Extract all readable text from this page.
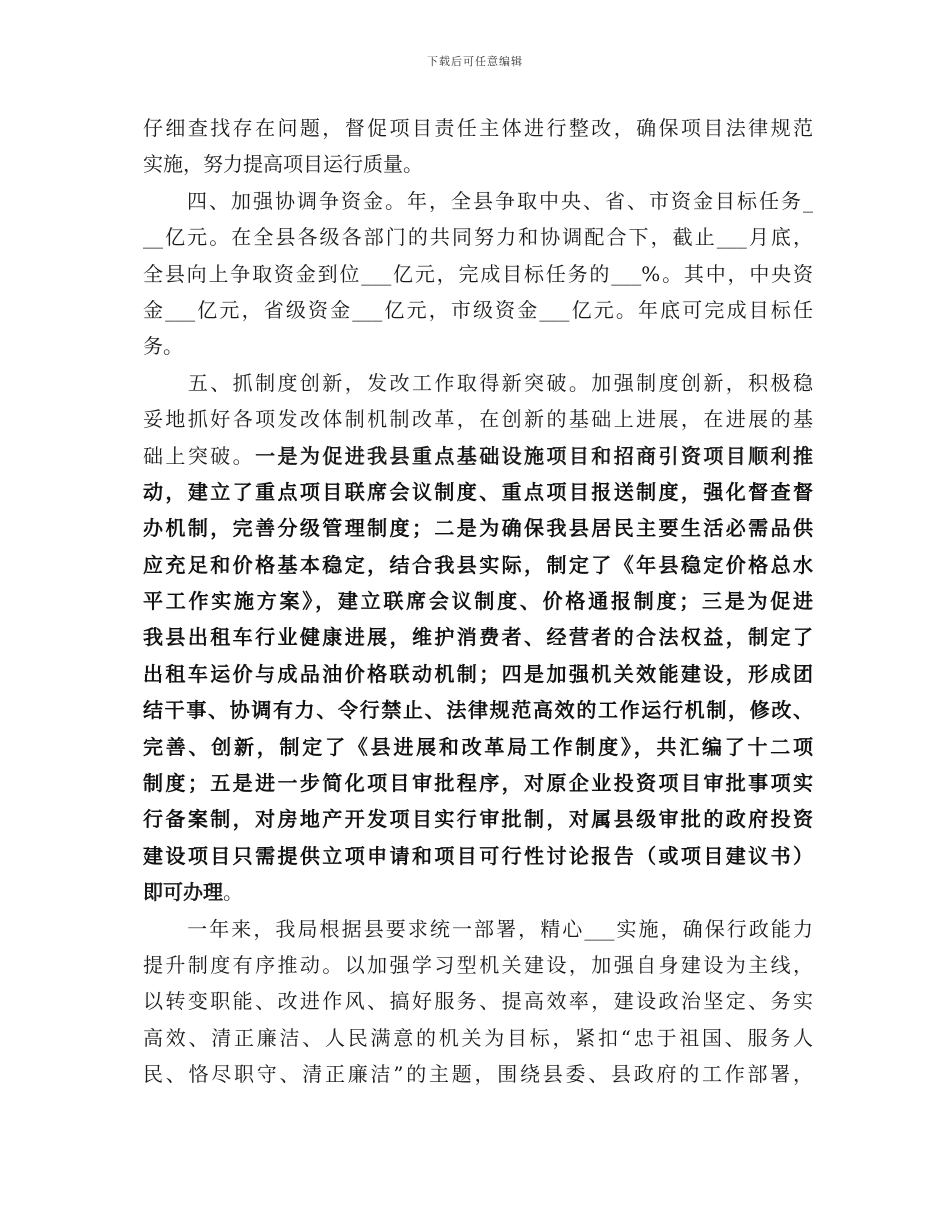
下载后可任意编辑
仔细查找存在问题，督促项目责任主体进行整改，确保项目法律规范
实施，努力提高项目运行质量。
　　四、加强协调争资金。年，全县争取中央、省、市资金目标任务_
__亿元。在全县各级各部门的共同努力和协调配合下，截止___月底，
全县向上争取资金到位___亿元，完成目标任务的___%。其中，中央资
金___亿元，省级资金___亿元，市级资金___亿元。年底可完成目标任
务。
　　五、抓制度创新，发改工作取得新突破。加强制度创新，积极稳
妥地抓好各项发改体制机制改革，在创新的基础上进展，在进展的基
础上突破。一是为促进我县重点基础设施项目和招商引资项目顺利推
动，建立了重点项目联席会议制度、重点项目报送制度，强化督查督
办机制，完善分级管理制度；二是为确保我县居民主要生活必需品供
应充足和价格基本稳定，结合我县实际，制定了《年县稳定价格总水
平工作实施方案》，建立联席会议制度、价格通报制度；三是为促进
我县出租车行业健康进展，维护消费者、经营者的合法权益，制定了
出租车运价与成品油价格联动机制；四是加强机关效能建设，形成团
结干事、协调有力、令行禁止、法律规范高效的工作运行机制，修改、
完善、创新，制定了《县进展和改革局工作制度》，共汇编了十二项
制度；五是进一步简化项目审批程序，对原企业投资项目审批事项实
行备案制，对房地产开发项目实行审批制，对属县级审批的政府投资
建设项目只需提供立项申请和项目可行性讨论报告（或项目建议书）
即可办理。
　　一年来，我局根据县要求统一部署，精心___实施，确保行政能力
提升制度有序推动。以加强学习型机关建设，加强自身建设为主线，
以转变职能、改进作风、搞好服务、提高效率，建设政治坚定、务实
高效、清正廉洁、人民满意的机关为目标，紧扣“忠于祖国、服务人
民、恪尽职守、清正廉洁”的主题，围绕县委、县政府的工作部署，
